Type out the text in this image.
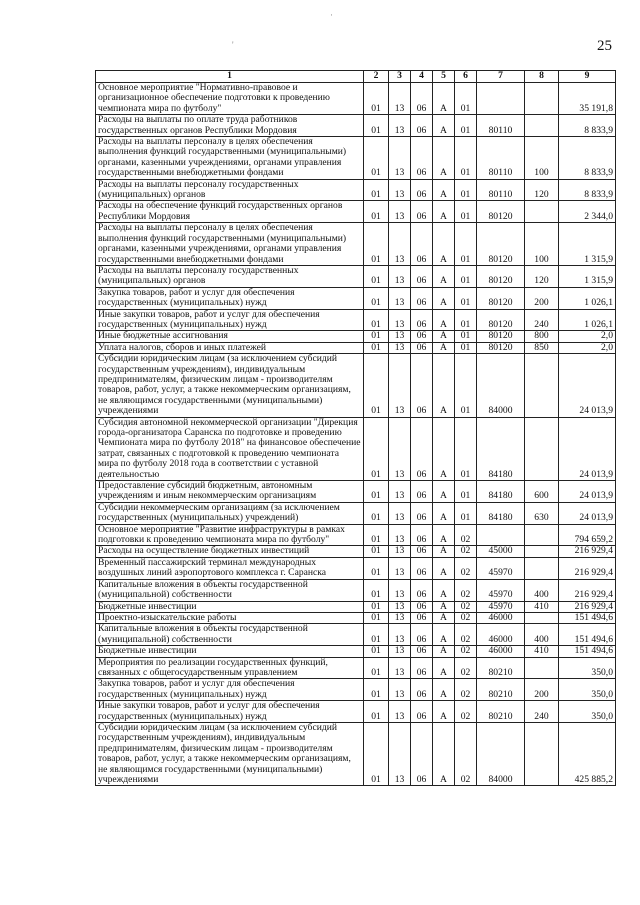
25
·
'
1	2	3	4	5	6	7	8	9
Основное мероприятие "Нормативно-правовое и организационное обеспечение подготовки к проведению чемпионата мира по футболу"	01	13	06	А	01			35 191,8
Расходы на выплаты по оплате труда работников государственных органов Республики Мордовия	01	13	06	А	01	80110		8 833,9
Расходы на выплаты персоналу в целях обеспечения выполнения функций государственными (муниципальными) органами, казенными учреждениями, органами управления государственными внебюджетными фондами	01	13	06	А	01	80110	100	8 833,9
Расходы на выплаты персоналу государственных (муниципальных) органов	01	13	06	А	01	80110	120	8 833,9
Расходы на обеспечение функций государственных органов Республики Мордовия	01	13	06	А	01	80120		2 344,0
Расходы на выплаты персоналу в целях обеспечения выполнения функций государственными (муниципальными) органами, казенными учреждениями, органами управления государственными внебюджетными фондами	01	13	06	А	01	80120	100	1 315,9
Расходы на выплаты персоналу государственных (муниципальных) органов	01	13	06	А	01	80120	120	1 315,9
Закупка товаров, работ и услуг для обеспечения государственных (муниципальных) нужд	01	13	06	А	01	80120	200	1 026,1
Иные закупки товаров, работ и услуг для обеспечения государственных (муниципальных) нужд	01	13	06	А	01	80120	240	1 026,1
Иные бюджетные ассигнования	01	13	06	А	01	80120	800	2,0
Уплата налогов, сборов и иных платежей	01	13	06	А	01	80120	850	2,0
Субсидии юридическим лицам (за исключением субсидий государственным учреждениям), индивидуальным предпринимателям, физическим лицам - производителям товаров, работ, услуг, а также некоммерческим организациям, не являющимся государственными (муниципальными) учреждениями	01	13	06	А	01	84000		24 013,9
Субсидия автономной некоммерческой организации "Дирекция города-организатора Саранска по подготовке и проведению Чемпионата мира по футболу 2018" на финансовое обеспечение затрат, связанных с подготовкой к проведению чемпионата мира по футболу 2018 года в соответствии с уставной деятельностью	01	13	06	А	01	84180		24 013,9
Предоставление субсидий бюджетным, автономным учреждениям и иным некоммерческим организациям	01	13	06	А	01	84180	600	24 013,9
Субсидии некоммерческим организациям (за исключением государственных (муниципальных) учреждений)	01	13	06	А	01	84180	630	24 013,9
Основное мероприятие "Развитие инфраструктуры в рамках подготовки к проведению чемпионата мира по футболу"	01	13	06	А	02			794 659,2
Расходы на осуществление бюджетных инвестиций	01	13	06	А	02	45000		216 929,4
Временный пассажирский терминал международных воздушных линий аэропортового комплекса г. Саранска	01	13	06	А	02	45970		216 929,4
Капитальные вложения в объекты государственной (муниципальной) собственности	01	13	06	А	02	45970	400	216 929,4
Бюджетные инвестиции	01	13	06	А	02	45970	410	216 929,4
Проектно-изыскательские работы	01	13	06	А	02	46000		151 494,6
Капитальные вложения в объекты государственной (муниципальной) собственности	01	13	06	А	02	46000	400	151 494,6
Бюджетные инвестиции	01	13	06	А	02	46000	410	151 494,6
Мероприятия по реализации государственных функций, связанных с общегосударственным управлением	01	13	06	А	02	80210		350,0
Закупка товаров, работ и услуг для обеспечения государственных (муниципальных) нужд	01	13	06	А	02	80210	200	350,0
Иные закупки товаров, работ и услуг для обеспечения государственных (муниципальных) нужд	01	13	06	А	02	80210	240	350,0
Субсидии юридическим лицам (за исключением субсидий государственным учреждениям), индивидуальным предпринимателям, физическим лицам - производителям товаров, работ, услуг, а также некоммерческим организациям, не являющимся государственными (муниципальными) учреждениями	01	13	06	А	02	84000		425 885,2
